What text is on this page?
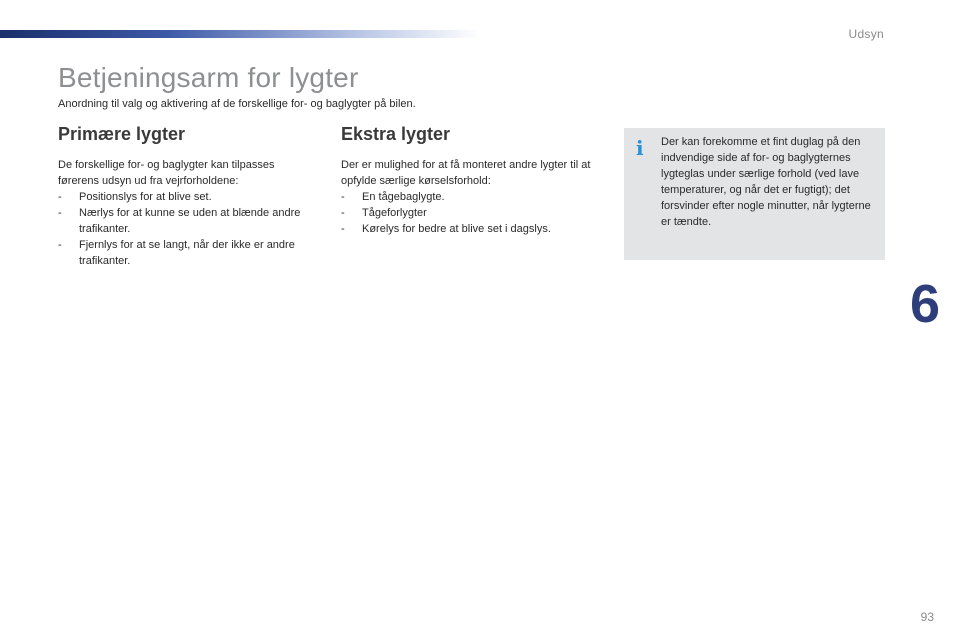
Udsyn
Betjeningsarm for lygter

Anordning til valg og aktivering af de forskellige for- og baglygter på bilen.

Primære lygter

De forskellige for- og baglygter kan tilpasses førerens udsyn ud fra vejrforholdene:

- Positionslys for at blive set.
- Nærlys for at kunne se uden at blænde andre trafikanter.
- Fjernlys for at se langt, når der ikke er andre trafikanter.
Ekstra lygter

Der er mulighed for at få monteret andre lygter til at opfylde særlige kørselsforhold:

- En tågebaglygte.
- Tågeforlygter
- Kørelys for bedre at blive set i dagslys.
i Der kan forekomme et fint duglag på den indvendige side af for- og baglygternes lygteglas under særlige forhold (ved lave temperaturer, og når det er fugtigt); det forsvinder efter nogle minutter, når lygterne er tændte.

6
93
